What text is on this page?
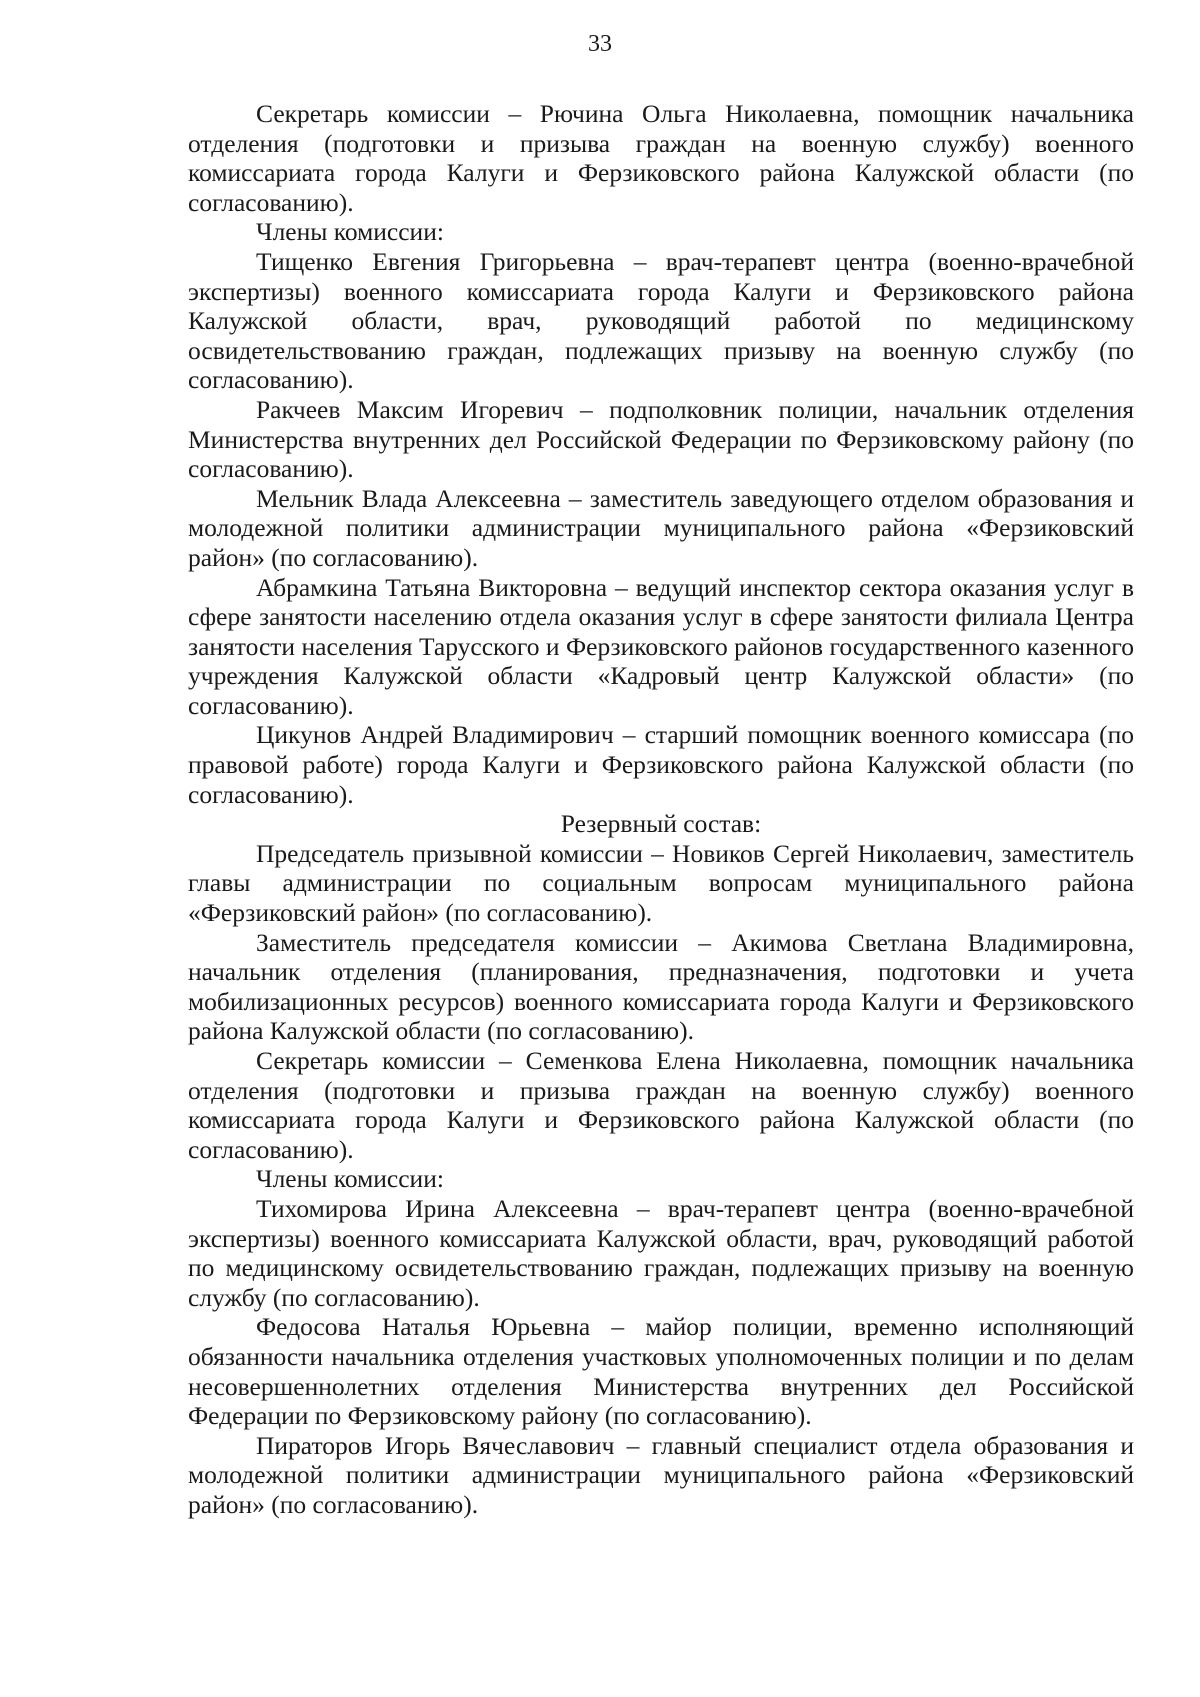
33

Секретарь комиссии – Рючина Ольга Николаевна, помощник начальника отделения (подготовки и призыва граждан на военную службу) военного комиссариата города Калуги и Ферзиковского района Калужской области (по согласованию).

Члены комиссии:

Тищенко Евгения Григорьевна – врач-терапевт центра (военно-врачебной экспертизы) военного комиссариата города Калуги и Ферзиковского района Калужской области, врач, руководящий работой по медицинскому освидетельствованию граждан, подлежащих призыву на военную службу (по согласованию).

Ракчеев Максим Игоревич – подполковник полиции, начальник отделения Министерства внутренних дел Российской Федерации по Ферзиковскому району (по согласованию).

Мельник Влада Алексеевна – заместитель заведующего отделом образования и молодежной политики администрации муниципального района «Ферзиковский район» (по согласованию).

Абрамкина Татьяна Викторовна – ведущий инспектор сектора оказания услуг в сфере занятости населению отдела оказания услуг в сфере занятости филиала Центра занятости населения Тарусского и Ферзиковского районов государственного казенного учреждения Калужской области «Кадровый центр Калужской области» (по согласованию).

Цикунов Андрей Владимирович – старший помощник военного комиссара (по правовой работе) города Калуги и Ферзиковского района Калужской области (по согласованию).

Резервный состав:

Председатель призывной комиссии – Новиков Сергей Николаевич, заместитель главы администрации по социальным вопросам муниципального района «Ферзиковский район» (по согласованию).

Заместитель председателя комиссии – Акимова Светлана Владимировна, начальник отделения (планирования, предназначения, подготовки и учета мобилизационных ресурсов) военного комиссариата города Калуги и Ферзиковского района Калужской области (по согласованию).

Секретарь комиссии – Семенкова Елена Николаевна, помощник начальника отделения (подготовки и призыва граждан на военную службу) военного комиссариата города Калуги и Ферзиковского района Калужской области (по согласованию).

Члены комиссии:

Тихомирова Ирина Алексеевна – врач-терапевт центра (военно-врачебной экспертизы) военного комиссариата Калужской области, врач, руководящий работой по медицинскому освидетельствованию граждан, подлежащих призыву на военную службу (по согласованию).

Федосова Наталья Юрьевна – майор полиции, временно исполняющий обязанности начальника отделения участковых уполномоченных полиции и по делам несовершеннолетних отделения Министерства внутренних дел Российской Федерации по Ферзиковскому району (по согласованию).

Пираторов Игорь Вячеславович – главный специалист отдела образования и молодежной политики администрации муниципального района «Ферзиковский район» (по согласованию).
